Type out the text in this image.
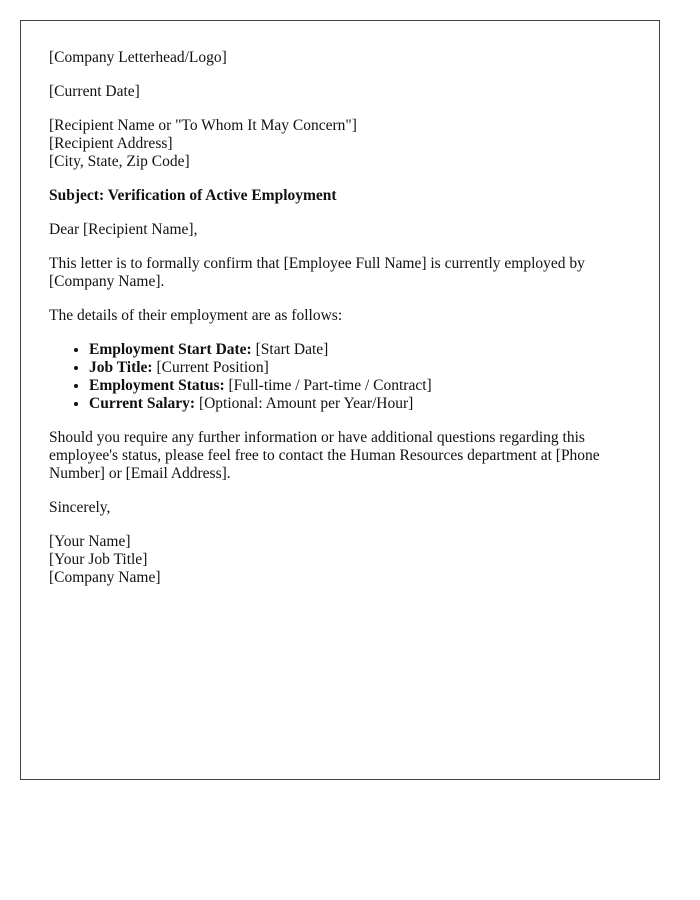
[Company Letterhead/Logo]

[Current Date]

[Recipient Name or "To Whom It May Concern"]
[Recipient Address]
[City, State, Zip Code]

Subject: Verification of Active Employment

Dear [Recipient Name],

This letter is to formally confirm that [Employee Full Name] is currently employed by [Company Name].

The details of their employment are as follows:

• Employment Start Date: [Start Date]
• Job Title: [Current Position]
• Employment Status: [Full-time / Part-time / Contract]
• Current Salary: [Optional: Amount per Year/Hour]

Should you require any further information or have additional questions regarding this employee's status, please feel free to contact the Human Resources department at [Phone Number] or [Email Address].

Sincerely,

[Your Name]
[Your Job Title]
[Company Name]
